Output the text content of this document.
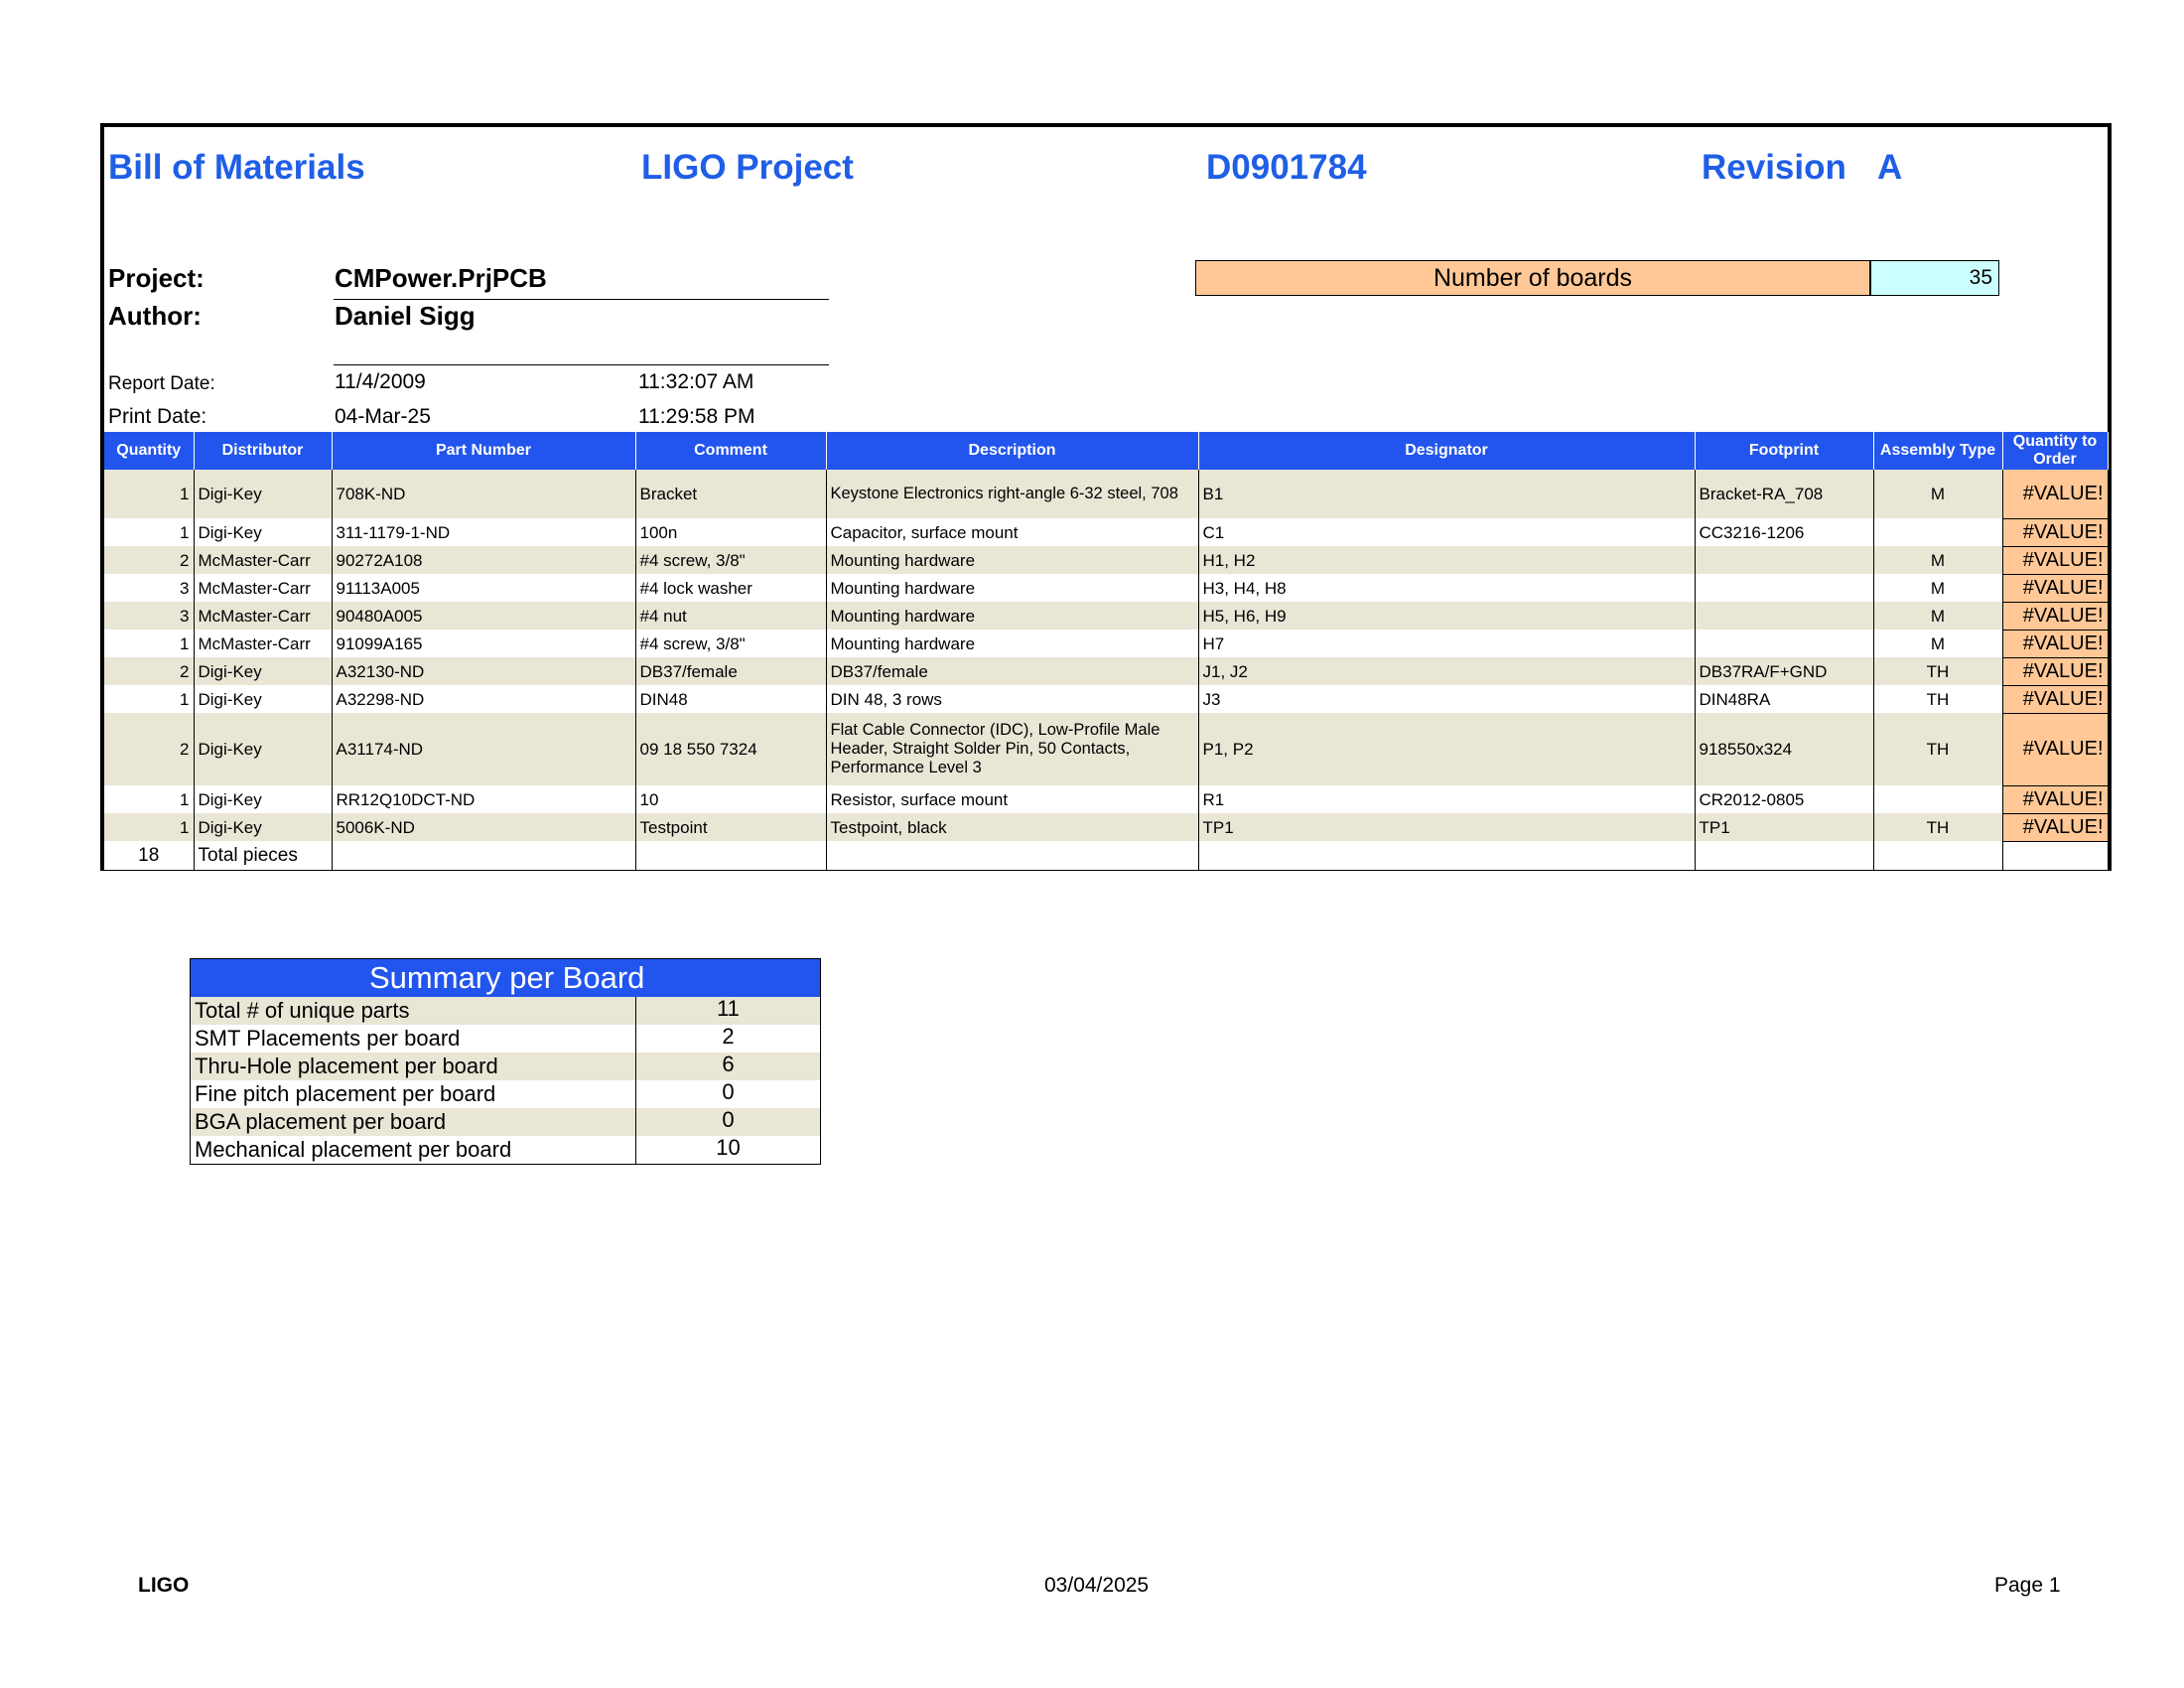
Bill of Materials	LIGO Project	D0901784	Revision A
Project:	CMPower.PrjPCB
Author:	Daniel Sigg
Report Date:	11/4/2009	11:32:07 AM
Print Date:	04-Mar-25	11:29:58 PM
Number of boards	35
Quantity	Distributor	Part Number	Comment	Description	Designator	Footprint	Assembly Type	Quantity to Order
1	Digi-Key	708K-ND	Bracket	Keystone Electronics right-angle 6-32 steel, 708	B1	Bracket-RA_708	M	#VALUE!
1	Digi-Key	311-1179-1-ND	100n	Capacitor, surface mount	C1	CC3216-1206		#VALUE!
2	McMaster-Carr	90272A108	#4 screw, 3/8"	Mounting hardware	H1, H2		M	#VALUE!
3	McMaster-Carr	91113A005	#4 lock washer	Mounting hardware	H3, H4, H8		M	#VALUE!
3	McMaster-Carr	90480A005	#4 nut	Mounting hardware	H5, H6, H9		M	#VALUE!
1	McMaster-Carr	91099A165	#4 screw, 3/8"	Mounting hardware	H7		M	#VALUE!
2	Digi-Key	A32130-ND	DB37/female	DB37/female	J1, J2	DB37RA/F+GND	TH	#VALUE!
1	Digi-Key	A32298-ND	DIN48	DIN 48, 3 rows	J3	DIN48RA	TH	#VALUE!
2	Digi-Key	A31174-ND	09 18 550 7324	Flat Cable Connector (IDC), Low-Profile Male Header, Straight Solder Pin, 50 Contacts, Performance Level 3	P1, P2	918550x324	TH	#VALUE!
1	Digi-Key	RR12Q10DCT-ND	10	Resistor, surface mount	R1	CR2012-0805		#VALUE!
1	Digi-Key	5006K-ND	Testpoint	Testpoint, black	TP1	TP1	TH	#VALUE!
18	Total pieces							
Summary per Board
Total # of unique parts	11
SMT Placements per board	2
Thru-Hole placement per board	6
Fine pitch placement per board	0
BGA placement per board	0
Mechanical placement per board	10
LIGO	03/04/2025	Page 1
